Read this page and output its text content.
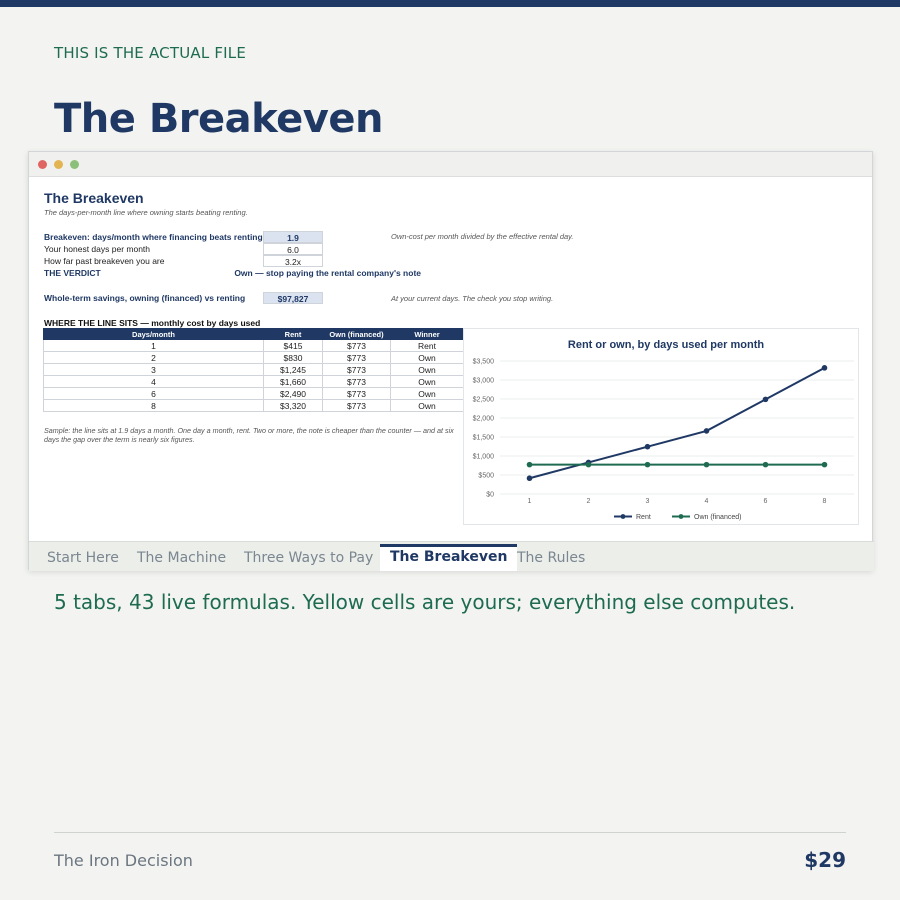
THIS IS THE ACTUAL FILE
The Breakeven
The Breakeven
The days-per-month line where owning starts beating renting.
Breakeven: days/month where financing beats renting	1.9	Own-cost per month divided by the effective rental day.
Your honest days per month	6.0
How far past breakeven you are	3.2x
THE VERDICT	Own — stop paying the rental company's note
Whole-term savings, owning (financed) vs renting	$97,827	At your current days. The check you stop writing.
WHERE THE LINE SITS — monthly cost by days used
Days/month	Rent	Own (financed)	Winner
1	$415	$773	Rent
2	$830	$773	Own
3	$1,245	$773	Own
4	$1,660	$773	Own
6	$2,490	$773	Own
8	$3,320	$773	Own
Sample: the line sits at 1.9 days a month. One day a month, rent. Two or more, the note is cheaper than the counter — and at six days the gap over the term is nearly six figures.
Rent or own, by days used per month
$0
$500
$1,000
$1,500
$2,000
$2,500
$3,000
$3,500
1	2	3	4	6	8
Rent	Own (financed)
Start Here The Machine Three Ways to Pay	The Breakeven The Rules
5 tabs, 43 live formulas. Yellow cells are yours; everything else computes.
The Iron Decision	$29
